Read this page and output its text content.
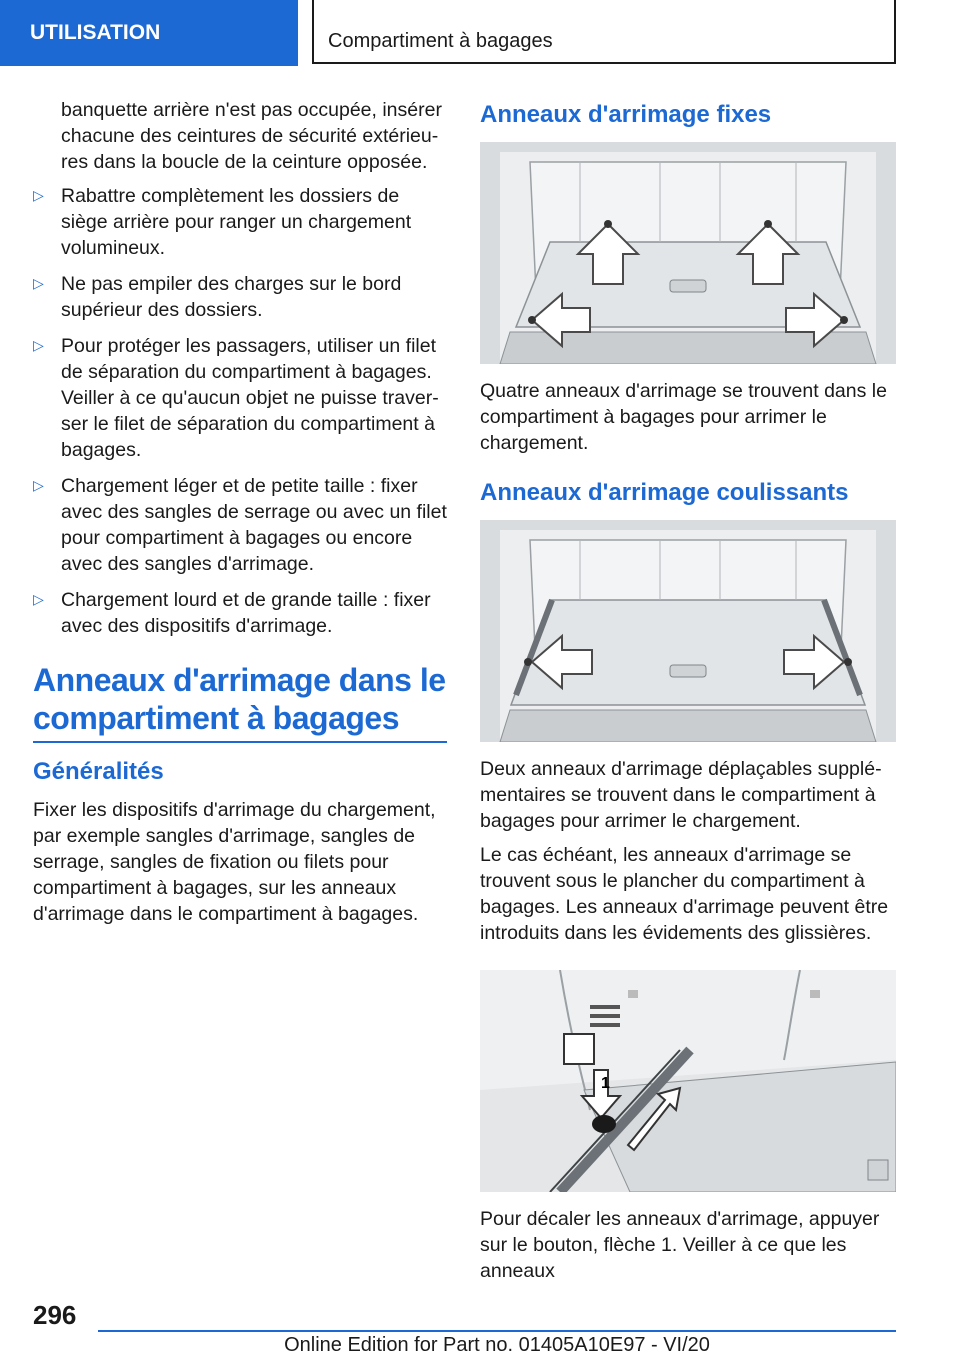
UTILISATION	Compartiment à bagages

banquette arrière n'est pas occupée, insérer chacune des ceintures de sécurité extérieures dans la boucle de la ceinture opposée.

▷ Rabattre complètement les dossiers de siège arrière pour ranger un chargement volumineux.
▷ Ne pas empiler des charges sur le bord supérieur des dossiers.
▷ Pour protéger les passagers, utiliser un filet de séparation du compartiment à bagages. Veiller à ce qu'aucun objet ne puisse traverser le filet de séparation du compartiment à bagages.
▷ Chargement léger et de petite taille : fixer avec des sangles de serrage ou avec un filet pour compartiment à bagages ou encore avec des sangles d'arrimage.
▷ Chargement lourd et de grande taille : fixer avec des dispositifs d'arrimage.
Anneaux d'arrimage dans le compartiment à bagages
Généralités

Fixer les dispositifs d'arrimage du chargement, par exemple sangles d'arrimage, sangles de serrage, sangles de fixation ou filets pour compartiment à bagages, sur les anneaux d'arrimage dans le compartiment à bagages.

Anneaux d'arrimage fixes

Quatre anneaux d'arrimage se trouvent dans le compartiment à bagages pour arrimer le chargement.

Anneaux d'arrimage coulissants

Deux anneaux d'arrimage déplaçables supplémentaires se trouvent dans le compartiment à bagages pour arrimer le chargement.

Le cas échéant, les anneaux d'arrimage se trouvent sous le plancher du compartiment à bagages. Les anneaux d'arrimage peuvent être introduits dans les évidements des glissières.

1

Pour décaler les anneaux d'arrimage, appuyer sur le bouton, flèche 1. Veiller à ce que les anneaux

296
Online Edition for Part no. 01405A10E97 - VI/20
